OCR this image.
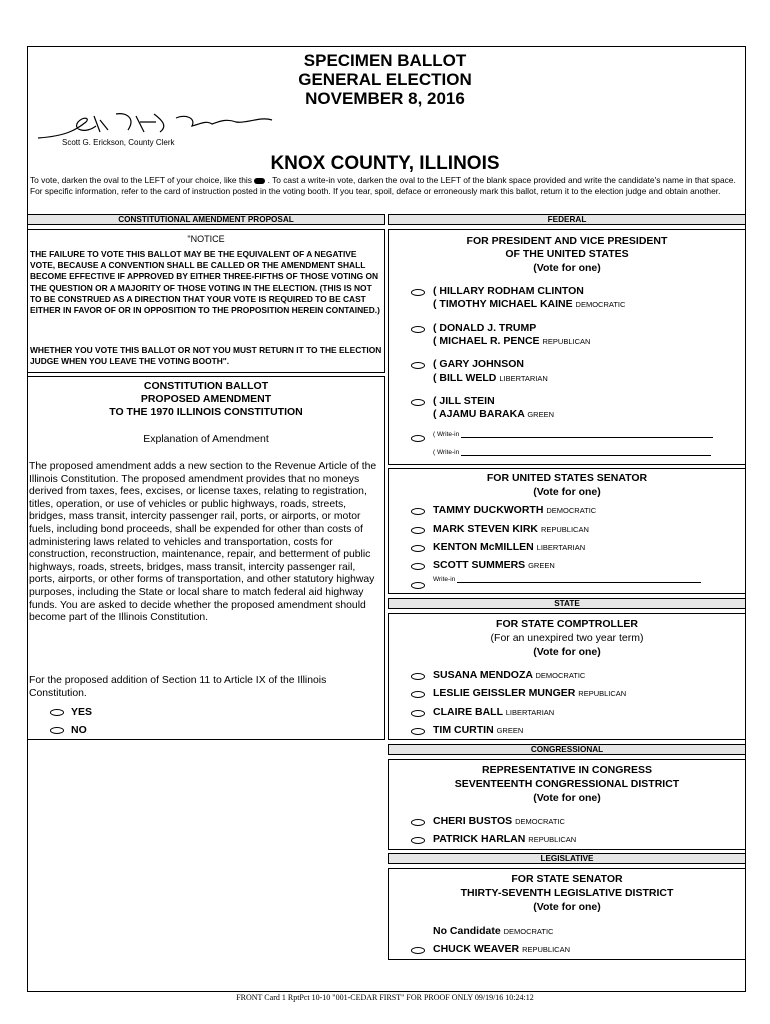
SPECIMEN BALLOT
GENERAL ELECTION
NOVEMBER 8, 2016
Scott G. Erickson, County Clerk
KNOX COUNTY, ILLINOIS
To vote, darken the oval to the LEFT of your choice, like this . To cast a write-in vote, darken the oval to the LEFT of the blank space provided and write the candidate's name in that space. For specific information, refer to the card of instruction posted in the voting booth. If you tear, spoil, deface or erroneously mark this ballot, return it to the election judge and obtain another.
CONSTITUTIONAL AMENDMENT PROPOSAL
"NOTICE
THE FAILURE TO VOTE THIS BALLOT MAY BE THE EQUIVALENT OF A NEGATIVE VOTE, BECAUSE A CONVENTION SHALL BE CALLED OR THE AMENDMENT SHALL BECOME EFFECTIVE IF APPROVED BY EITHER THREE-FIFTHS OF THOSE VOTING ON THE QUESTION OR A MAJORITY OF THOSE VOTING IN THE ELECTION. (THIS IS NOT TO BE CONSTRUED AS A DIRECTION THAT YOUR VOTE IS REQUIRED TO BE CAST EITHER IN FAVOR OF OR IN OPPOSITION TO THE PROPOSITION HEREIN CONTAINED.)
WHETHER YOU VOTE THIS BALLOT OR NOT YOU MUST RETURN IT TO THE ELECTION JUDGE WHEN YOU LEAVE THE VOTING BOOTH".
CONSTITUTION BALLOT
PROPOSED AMENDMENT
TO THE 1970 ILLINOIS CONSTITUTION
Explanation of Amendment
The proposed amendment adds a new section to the Revenue Article of the Illinois Constitution. The proposed amendment provides that no moneys derived from taxes, fees, excises, or license taxes, relating to registration, titles, operation, or use of vehicles or public highways, roads, streets, bridges, mass transit, intercity passenger rail, ports, or airports, or motor fuels, including bond proceeds, shall be expended for other than costs of administering laws related to vehicles and transportation, costs for construction, reconstruction, maintenance, repair, and betterment of public highways, roads, streets, bridges, mass transit, intercity passenger rail, ports, airports, or other forms of transportation, and other statutory highway purposes, including the State or local share to match federal aid highway funds. You are asked to decide whether the proposed amendment should become part of the Illinois Constitution.
For the proposed addition of Section 11 to Article IX of the Illinois Constitution.
YES
NO
FEDERAL
FOR PRESIDENT AND VICE PRESIDENT
OF THE UNITED STATES
(Vote for one)
( HILLARY RODHAM CLINTON
( TIMOTHY MICHAEL KAINE DEMOCRATIC
( DONALD J. TRUMP
( MICHAEL R. PENCE REPUBLICAN
( GARY JOHNSON
( BILL WELD LIBERTARIAN
( JILL STEIN
( AJAMU BARAKA GREEN
( Write-in
( Write-in
FOR UNITED STATES SENATOR
(Vote for one)
TAMMY DUCKWORTH DEMOCRATIC
MARK STEVEN KIRK REPUBLICAN
KENTON McMILLEN LIBERTARIAN
SCOTT SUMMERS GREEN
Write-in
STATE
FOR STATE COMPTROLLER
(For an unexpired two year term)
(Vote for one)
SUSANA MENDOZA DEMOCRATIC
LESLIE GEISSLER MUNGER REPUBLICAN
CLAIRE BALL LIBERTARIAN
TIM CURTIN GREEN
CONGRESSIONAL
REPRESENTATIVE IN CONGRESS
SEVENTEENTH CONGRESSIONAL DISTRICT
(Vote for one)
CHERI BUSTOS DEMOCRATIC
PATRICK HARLAN REPUBLICAN
LEGISLATIVE
FOR STATE SENATOR
THIRTY-SEVENTH LEGISLATIVE DISTRICT
(Vote for one)
No Candidate DEMOCRATIC
CHUCK WEAVER REPUBLICAN
FRONT Card 1 RptPct 10-10 "001-CEDAR FIRST" FOR PROOF ONLY 09/19/16 10:24:12
